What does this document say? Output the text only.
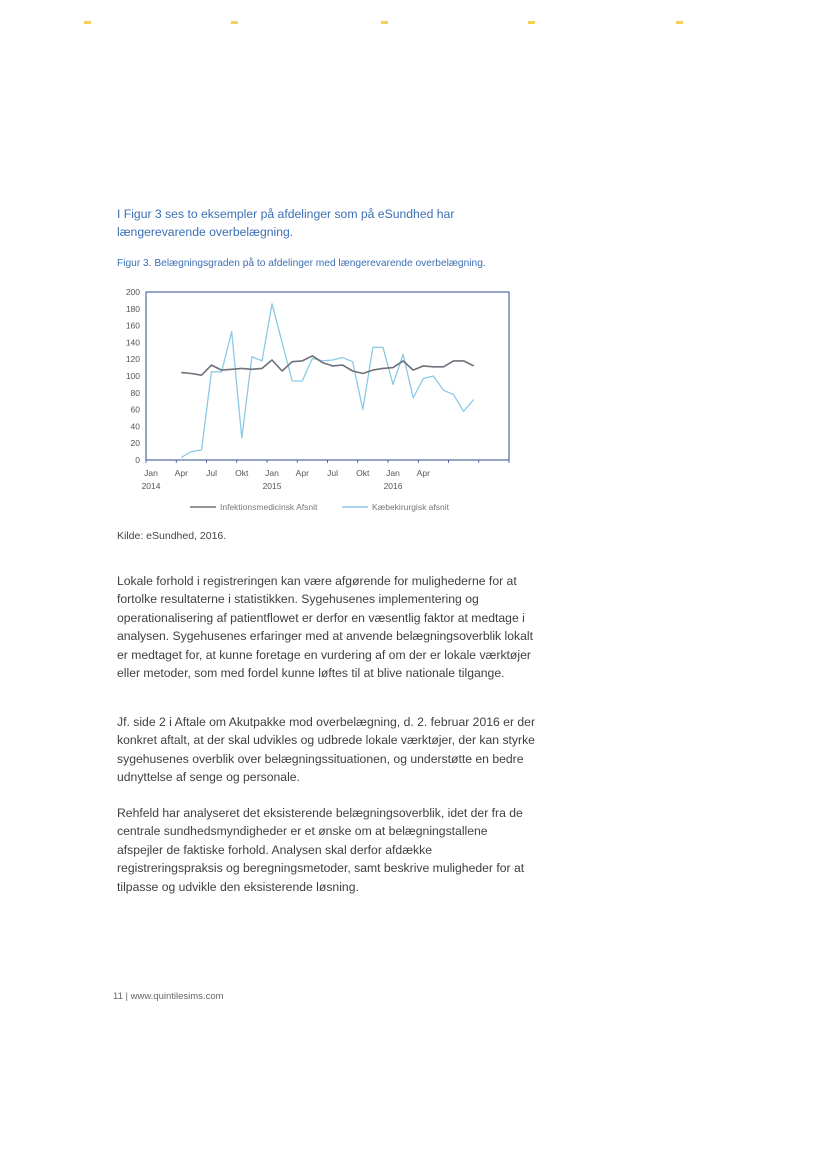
I Figur 3 ses to eksempler på afdelinger som på eSundhed har længerevarende overbelægning.

Figur 3. Belægningsgraden på to afdelinger med længerevarende overbelægning.

200
180
160
140
120
100
80
60
40
20
0
Jan Apr Jul Okt Jan Apr Jul Okt Jan Apr
2014	2015	2016
Infektionsmedicinsk Afsnit	Kæbekirurgisk afsnit

Kilde: eSundhed, 2016.

Lokale forhold i registreringen kan være afgørende for mulighederne for at fortolke resultaterne i statistikken. Sygehusenes implementering og operationalisering af patientflowet er derfor en væsentlig faktor at medtage i analysen. Sygehusenes erfaringer med at anvende belægningsoverblik lokalt er medtaget for, at kunne foretage en vurdering af om der er lokale værktøjer eller metoder, som med fordel kunne løftes til at blive nationale tilgange.

Jf. side 2 i Aftale om Akutpakke mod overbelægning, d. 2. februar 2016 er der konkret aftalt, at der skal udvikles og udbrede lokale værktøjer, der kan styrke sygehusenes overblik over belægningssituationen, og understøtte en bedre udnyttelse af senge og personale.

Rehfeld har analyseret det eksisterende belægningsoverblik, idet der fra de centrale sundhedsmyndigheder er et ønske om at belægningstallene afspejler de faktiske forhold. Analysen skal derfor afdække registreringspraksis og beregningsmetoder, samt beskrive muligheder for at tilpasse og udvikle den eksisterende løsning.

11 | www.quintilesims.com
